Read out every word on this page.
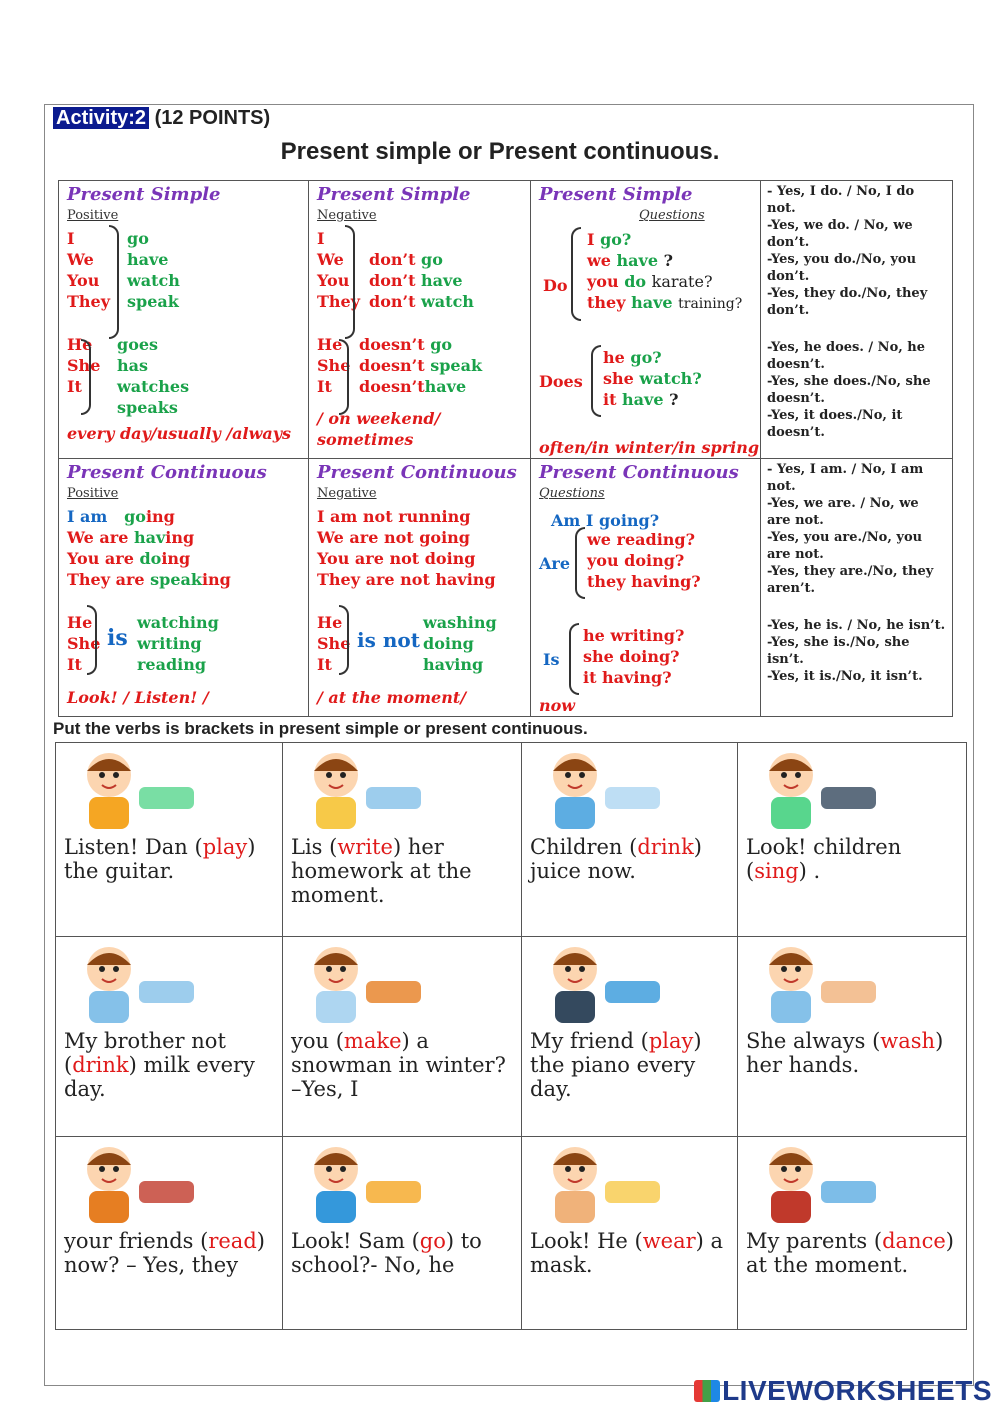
Activity:2 (12 POINTS)
Present simple or Present continuous.
Present Simple
Positive
I
We
You
They
go
have
watch
speak
He
She
It
goes
has
watches
speaks
every day/usually /always
Present Simple
Negative
I
We
You
They
don’t go
don’t have
don’t watch
He
She
It
doesn’t go
doesn’t speak
doesn’thave
/ on weekend/ sometimes
Present Simple
Questions
Do
I go?
we have ?
you do karate?
they have training?
Does
he go?
she watch?
it have ?
often/in winter/in spring
- Yes, I do. / No, I do not.
-Yes, we do. / No, we don’t.
-Yes, you do./No, you don’t.
-Yes, they do./No, they don’t.
-Yes, he does. / No, he doesn’t.
-Yes, she does./No, she doesn’t.
-Yes, it does./No, it doesn’t.
Present Continuous
Positive
I am going
We are having
You are doing
They are speaking
He
She
It
is
watching
writing
reading
Look! / Listen! /
Present Continuous
Negative
I am not running
We are not going
You are not doing
They are not having
He
She
It
is not
washing
doing
having
/ at the moment/
Present Continuous
Questions
Am I going?
Are
we reading?
you doing?
they having?
Is
he writing?
she doing?
it having?
now
- Yes, I am. / No, I am not.
-Yes, we are. / No, we are not.
-Yes, you are./No, you are not.
-Yes, they are./No, they aren’t.
-Yes, he is. / No, he isn’t.
-Yes, she is./No, she isn’t.
-Yes, it is./No, it isn’t.
Put the verbs is brackets in present simple or present continuous.
Listen! Dan (play) the guitar.
Lis (write) her homework at the moment.
Children (drink) juice now.
Look! children (sing) .
My brother not (drink) milk every day.
you (make) a snowman in winter? –Yes, I
My friend (play) the piano every day.
She always (wash) her hands.
your friends (read) now? – Yes, they
Look! Sam (go) to school?- No, he
Look! He (wear) a mask.
My parents (dance) at the moment.
LIVEWORKSHEETS
